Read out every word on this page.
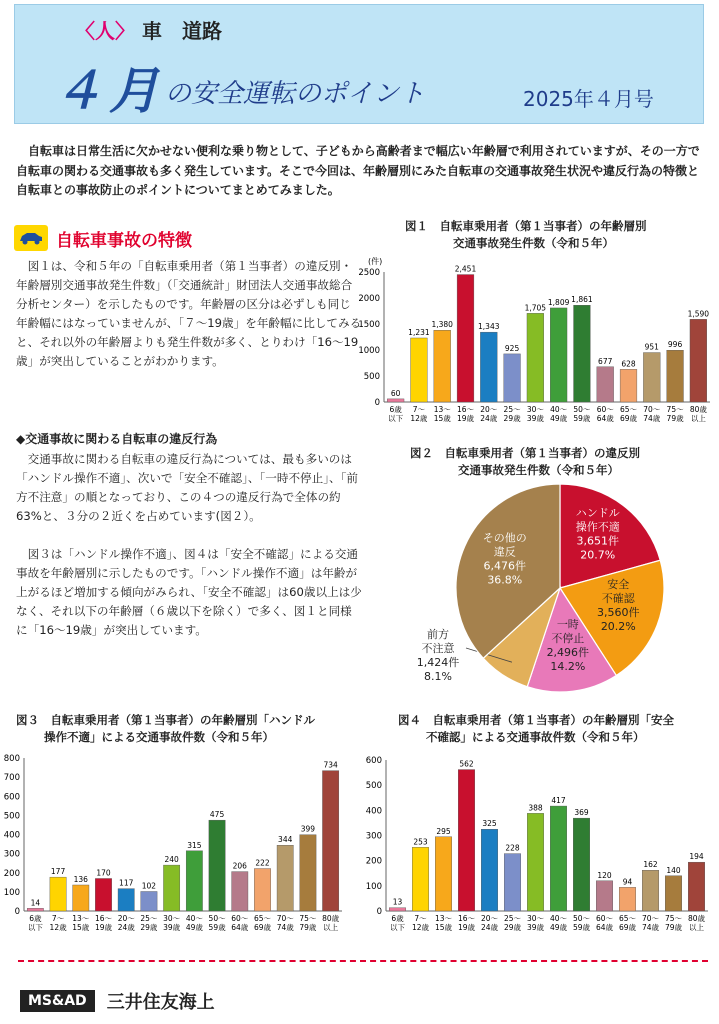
〈人〉 車　道路
４月 の安全運転のポイント	2025年４月号
自転車は日常生活に欠かせない便利な乗り物として、子どもから高齢者まで幅広い年齢層で利用されていますが、その一方で自転車の関わる交通事故も多く発生しています。そこで今回は、年齢層別にみた自転車の交通事故発生状況や違反行為の特徴と自転車との事故防止のポイントについてまとめてみました。
自転車事故の特徴
図１は、令和５年の「自転車乗用者（第１当事者）の違反別・年齢層別交通事故発生件数」（「交通統計」財団法人交通事故総合分析センター）を示したものです。年齢層の区分は必ずしも同じ年齢幅にはなっていませんが、「７～19歳」を年齢幅に比してみると、それ以外の年齢層よりも発生件数が多く、とりわけ「16～19歳」が突出していることがわかります。
◆交通事故に関わる自転車の違反行為
交通事故に関わる自転車の違反行為については、最も多いのは「ハンドル操作不適」、次いで「安全不確認」、「一時不停止」、「前方不注意」の順となっており、この４つの違反行為で全体の約63%と、３分の２近くを占めています(図２）。
図３は「ハンドル操作不適」、図４は「安全不確認」による交通事故を年齢層別に示したものです。「ハンドル操作不適」は年齢が上がるほど増加する傾向がみられ、「安全不確認」は60歳以上は少なく、それ以下の年齢層（６歳以下を除く）で多く、図１と同様に「16～19歳」が突出しています。
図１　自転車乗用者（第１当事者）の年齢層別
交通事故発生件数（令和５年）
(件)
0
500
1000
1500
2000
2500
60
6歳
以下
1,231
7～
12歳
1,380
13～
15歳
2,451
16～
19歳
1,343
20～
24歳
925
25～
29歳
1,705
30～
39歳
1,809
40～
49歳
1,861
50～
59歳
677
60～
64歳
628
65～
69歳
951
70～
74歳
996
75～
79歳
1,590
80歳
以上
図２　自転車乗用者（第１当事者）の違反別
交通事故発生件数（令和５年）
ハンドル
操作不適
3,651件
20.7%
安全
不確認
3,560件
20.2%
一時
不停止
2,496件
14.2%
前方
不注意
1,424件
8.1%
その他の
違反
6,476件
36.8%
図３　自転車乗用者（第１当事者）の年齢層別「ハンドル
操作不適」による交通事故件数（令和５年）
0
100
200
300
400
500
600
700
800
14
6歳
以下
177
7～
12歳
136
13～
15歳
170
16～
19歳
117
20～
24歳
102
25～
29歳
240
30～
39歳
315
40～
49歳
475
50～
59歳
206
60～
64歳
222
65～
69歳
344
70～
74歳
399
75～
79歳
734
80歳
以上
図４　自転車乗用者（第１当事者）の年齢層別「安全
不確認」による交通事故件数（令和５年）
0
100
200
300
400
500
600
13
6歳
以下
253
7～
12歳
295
13～
15歳
562
16～
19歳
325
20～
24歳
228
25～
29歳
388
30～
39歳
417
40～
49歳
369
50～
59歳
120
60～
64歳
94
65～
69歳
162
70～
74歳
140
75～
79歳
194
80歳
以上
MS&AD	三井住友海上
